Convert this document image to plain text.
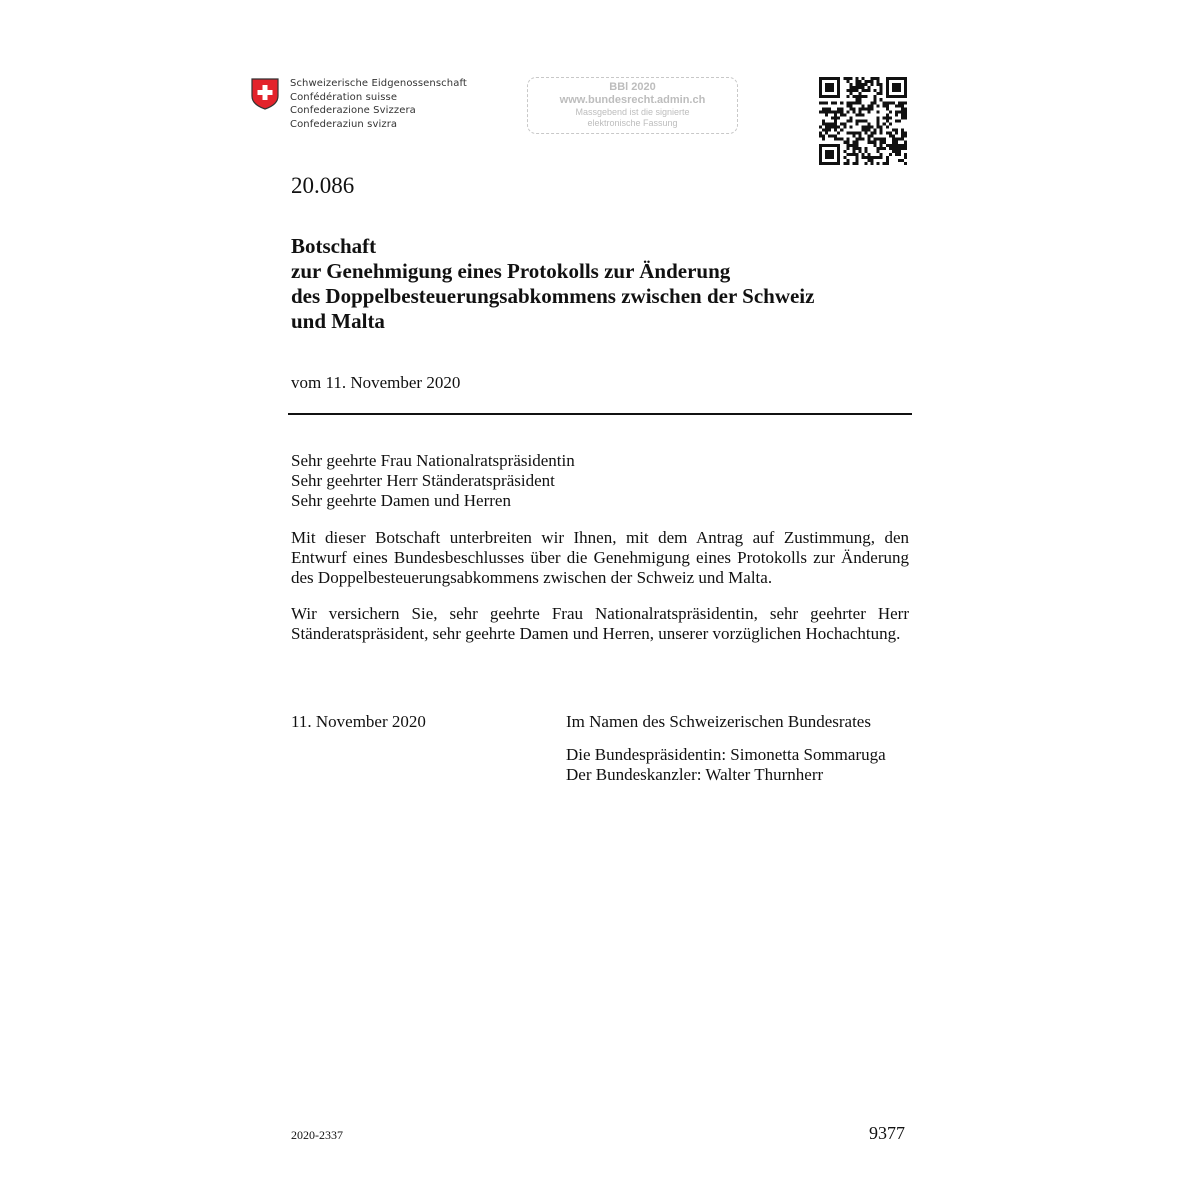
Schweizerische Eidgenossenschaft
Confédération suisse
Confederazione Svizzera
Confederaziun svizra
BBl 2020
www.bundesrecht.admin.ch
Massgebend ist die signierte
elektronische Fassung
20.086
Botschaft
zur Genehmigung eines Protokolls zur Änderung
des Doppelbesteuerungsabkommens zwischen der Schweiz
und Malta
vom 11. November 2020
Sehr geehrte Frau Nationalratspräsidentin
Sehr geehrter Herr Ständeratspräsident
Sehr geehrte Damen und Herren
Mit dieser Botschaft unterbreiten wir Ihnen, mit dem Antrag auf Zustimmung, den Entwurf eines Bundesbeschlusses über die Genehmigung eines Protokolls zur Änderung des Doppelbesteuerungsabkommens zwischen der Schweiz und Malta.
Wir versichern Sie, sehr geehrte Frau Nationalratspräsidentin, sehr geehrter Herr Ständeratspräsident, sehr geehrte Damen und Herren, unserer vorzüglichen Hochachtung.
11. November 2020	Im Namen des Schweizerischen Bundesrates
Die Bundespräsidentin: Simonetta Sommaruga
Der Bundeskanzler: Walter Thurnherr
2020-2337	9377
